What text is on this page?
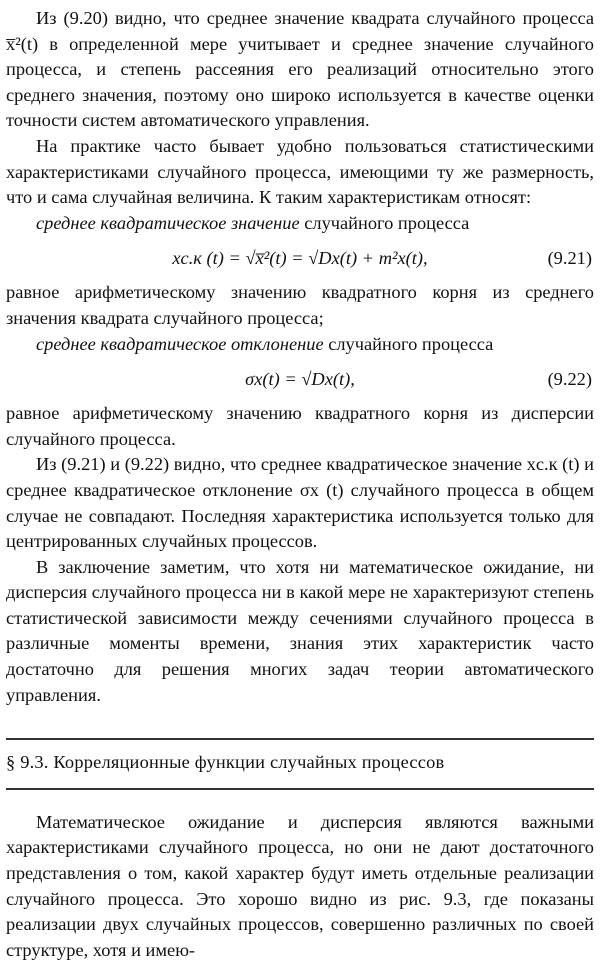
Из (9.20) видно, что среднее значение квадрата случайного процесса x̅²(t) в определенной мере учитывает и среднее значение случайного процесса, и степень рассеяния его реализаций относительно этого среднего значения, поэтому оно широко используется в качестве оценки точности систем автоматического управления.

На практике часто бывает удобно пользоваться статистическими характеристиками случайного процесса, имеющими ту же размерность, что и сама случайная величина. К таким характеристикам относят:

среднее квадратическое значение случайного процесса

xс.к (t) = √x̅²(t) = √Dx(t) + m²x(t),	(9.21)

равное арифметическому значению квадратного корня из среднего значения квадрата случайного процесса;

среднее квадратическое отклонение случайного процесса

σx(t) = √Dx(t),	(9.22)

равное арифметическому значению квадратного корня из дисперсии случайного процесса.

Из (9.21) и (9.22) видно, что среднее квадратическое значение xс.к (t) и среднее квадратическое отклонение σx (t) случайного процесса в общем случае не совпадают. Последняя характеристика используется только для центрированных случайных процессов.

В заключение заметим, что хотя ни математическое ожидание, ни дисперсия случайного процесса ни в какой мере не характеризуют степень статистической зависимости между сечениями случайного процесса в различные моменты времени, знания этих характеристик часто достаточно для решения многих задач теории автоматического управления.

§ 9.3. Корреляционные функции случайных процессов

Математическое ожидание и дисперсия являются важными характеристиками случайного процесса, но они не дают достаточного представления о том, какой характер будут иметь отдельные реализации случайного процесса. Это хорошо видно из рис. 9.3, где показаны реализации двух случайных процессов, совершенно различных по своей структуре, хотя и имею-
